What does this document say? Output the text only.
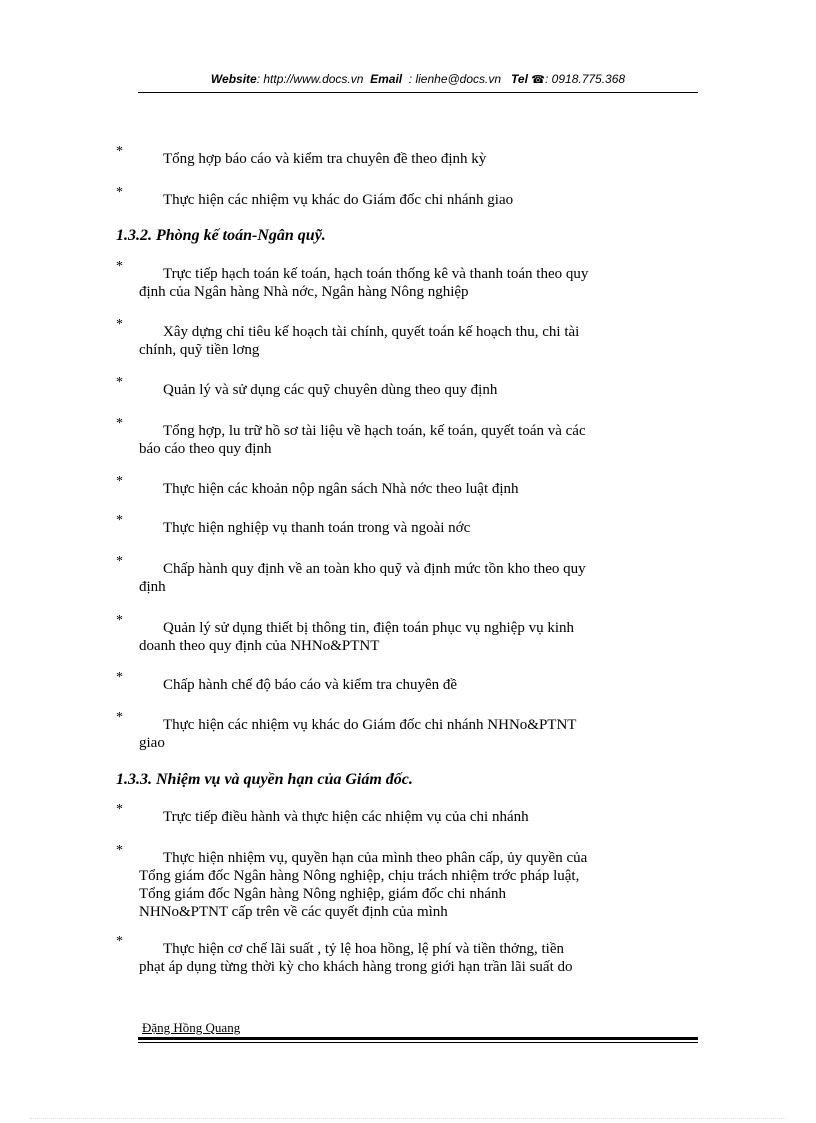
Website: http://www.docs.vn Email : lienhe@docs.vn Tel ☎: 0918.775.368
*	Tổng hợp báo cáo và kiểm tra chuyên đề theo định kỳ
*	Thực hiện các nhiệm vụ khác do Giám đốc chi nhánh giao
1.3.2. Phòng kế toán-Ngân quỹ.
*	Trực tiếp hạch toán kế toán, hạch toán thống kê và thanh toán theo quy
định của Ngân hàng Nhà nớc, Ngân hàng Nông nghiệp
*	Xây dựng chỉ tiêu kế hoạch tài chính, quyết toán kế hoạch thu, chi tài
chính, quỹ tiền lơng
*	Quản lý và sử dụng các quỹ chuyên dùng theo quy định
*	Tổng hợp, lu trữ hồ sơ tài liệu về hạch toán, kế toán, quyết toán và các
báo cáo theo quy định
*	Thực hiện các khoản nộp ngân sách Nhà nớc theo luật định
*	Thực hiện nghiệp vụ thanh toán trong và ngoài nớc
*	Chấp hành quy định về an toàn kho quỹ và định mức tồn kho theo quy
định
*	Quản lý sử dụng thiết bị thông tin, điện toán phục vụ nghiệp vụ kinh
doanh theo quy định của NHNo&PTNT
*	Chấp hành chế độ báo cáo và kiểm tra chuyên đề
*	Thực hiện các nhiệm vụ khác do Giám đốc chi nhánh NHNo&PTNT
giao
1.3.3. Nhiệm vụ và quyền hạn của Giám đốc.
*	Trực tiếp điều hành và thực hiện các nhiệm vụ của chi nhánh
*	Thực hiện nhiệm vụ, quyền hạn của mình theo phân cấp, ủy quyền của
Tổng giám đốc Ngân hàng Nông nghiệp, chịu trách nhiệm trớc pháp luật,
Tổng giám đốc Ngân hàng Nông nghiệp, giám đốc chi nhánh
NHNo&PTNT cấp trên về các quyết định của mình
*	Thực hiện cơ chế lãi suất , tỷ lệ hoa hồng, lệ phí và tiền thởng, tiền
phạt áp dụng từng thời kỳ cho khách hàng trong giới hạn trần lãi suất do
Đặng Hồng Quang
